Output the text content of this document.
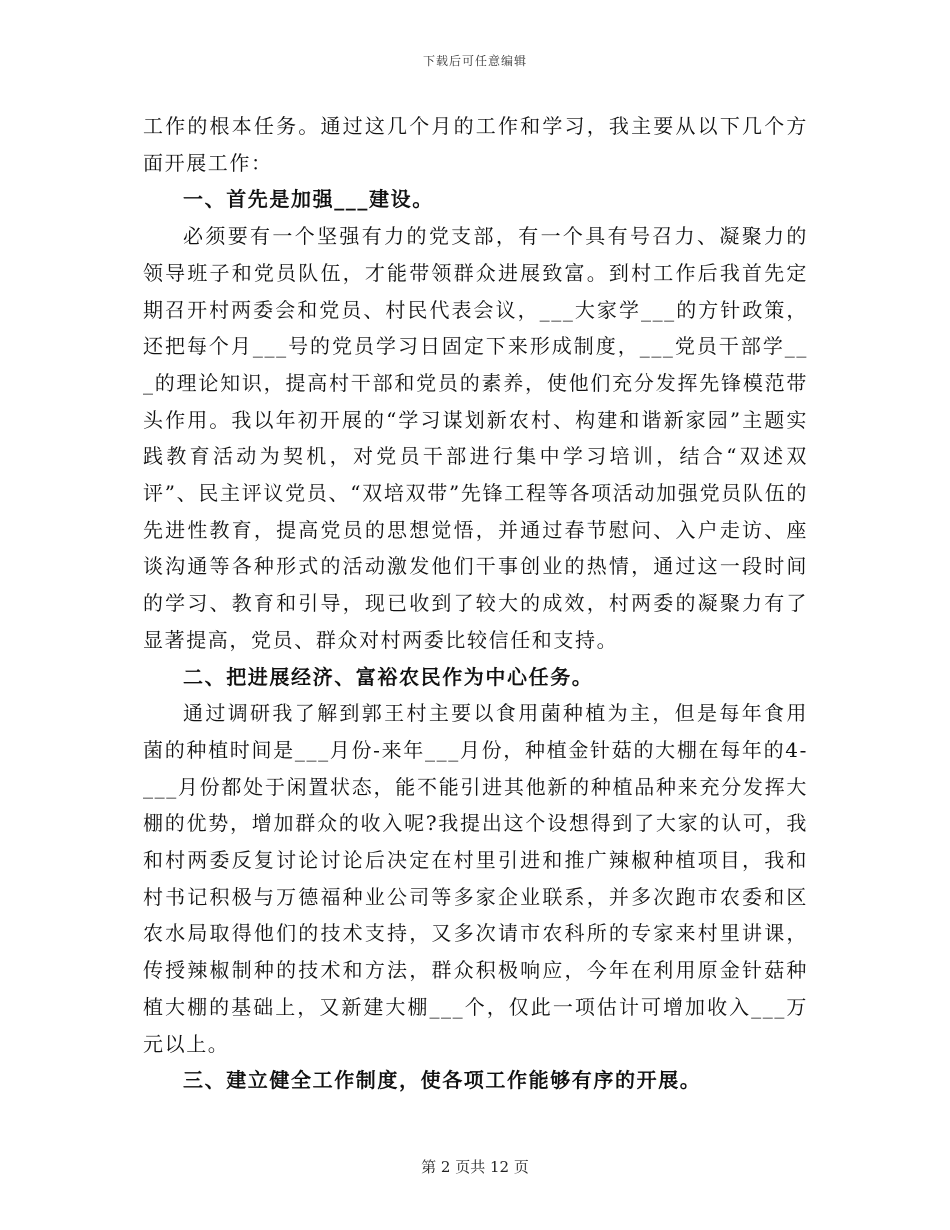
下载后可任意编辑

工作的根本任务。通过这几个月的工作和学习，我主要从以下几个方面开展工作：

一、首先是加强___建设。

必须要有一个坚强有力的党支部，有一个具有号召力、凝聚力的领导班子和党员队伍，才能带领群众进展致富。到村工作后我首先定期召开村两委会和党员、村民代表会议，___大家学___的方针政策，还把每个月___号的党员学习日固定下来形成制度，___党员干部学___的理论知识，提高村干部和党员的素养，使他们充分发挥先锋模范带头作用。我以年初开展的“学习谋划新农村、构建和谐新家园”主题实践教育活动为契机，对党员干部进行集中学习培训，结合“双述双评”、民主评议党员、“双培双带”先锋工程等各项活动加强党员队伍的先进性教育，提高党员的思想觉悟，并通过春节慰问、入户走访、座谈沟通等各种形式的活动激发他们干事创业的热情，通过这一段时间的学习、教育和引导，现已收到了较大的成效，村两委的凝聚力有了显著提高，党员、群众对村两委比较信任和支持。

二、把进展经济、富裕农民作为中心任务。

通过调研我了解到郭王村主要以食用菌种植为主，但是每年食用菌的种植时间是___月份-来年___月份，种植金针菇的大棚在每年的4-___月份都处于闲置状态，能不能引进其他新的种植品种来充分发挥大棚的优势，增加群众的收入呢?我提出这个设想得到了大家的认可，我和村两委反复讨论讨论后决定在村里引进和推广辣椒种植项目，我和村书记积极与万德福种业公司等多家企业联系，并多次跑市农委和区农水局取得他们的技术支持，又多次请市农科所的专家来村里讲课，传授辣椒制种的技术和方法，群众积极响应，今年在利用原金针菇种植大棚的基础上，又新建大棚___个，仅此一项估计可增加收入___万元以上。

三、建立健全工作制度，使各项工作能够有序的开展。

第 2 页共 12 页
